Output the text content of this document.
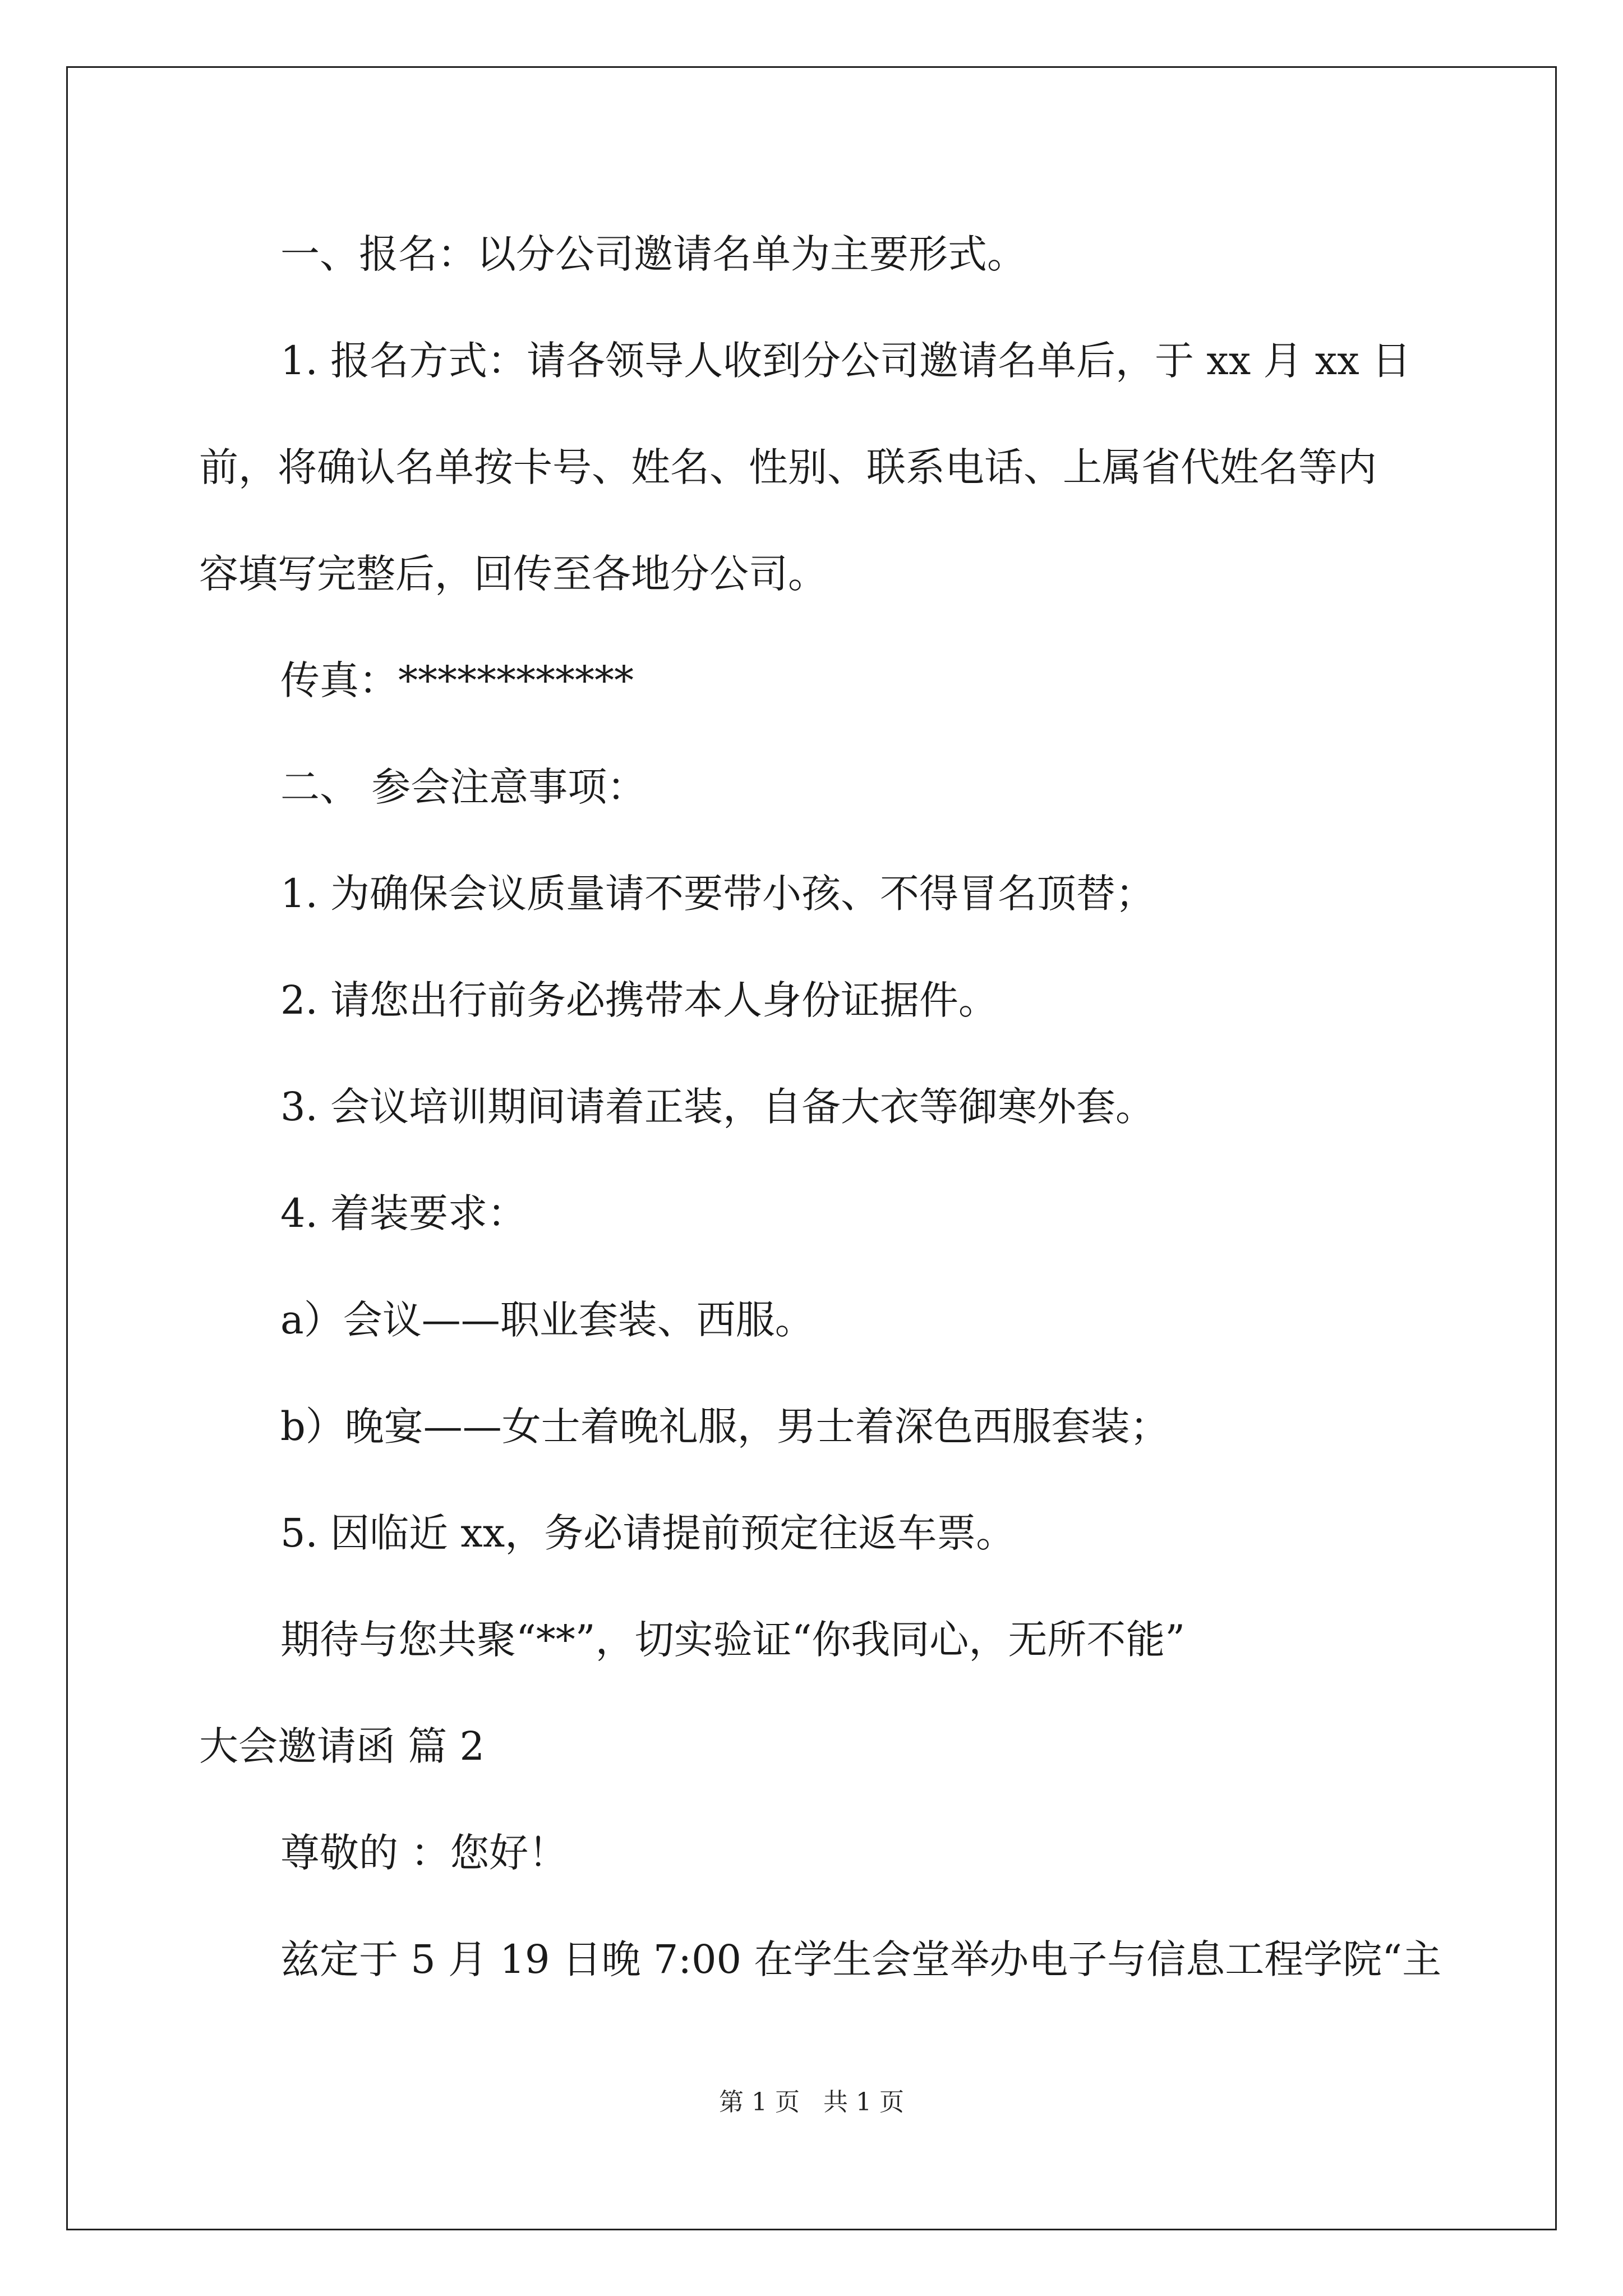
一、报名：以分公司邀请名单为主要形式。
1. 报名方式：请各领导人收到分公司邀请名单后，于 xx 月 xx 日
前，将确认名单按卡号、姓名、性别、联系电话、上属省代姓名等内
容填写完整后，回传至各地分公司。
传真：************
二、 参会注意事项：
1. 为确保会议质量请不要带小孩、不得冒名顶替；
2. 请您出行前务必携带本人身份证据件。
3. 会议培训期间请着正装，自备大衣等御寒外套。
4. 着装要求：
a）会议——职业套装、西服。
b）晚宴——女士着晚礼服，男士着深色西服套装；
5. 因临近 xx，务必请提前预定往返车票。
期待与您共聚“**”，切实验证“你我同心，无所不能”
大会邀请函 篇 2
尊敬的 ：您好！
兹定于 5 月 19 日晚 7:00 在学生会堂举办电子与信息工程学院“主
第 1 页   共 1 页
